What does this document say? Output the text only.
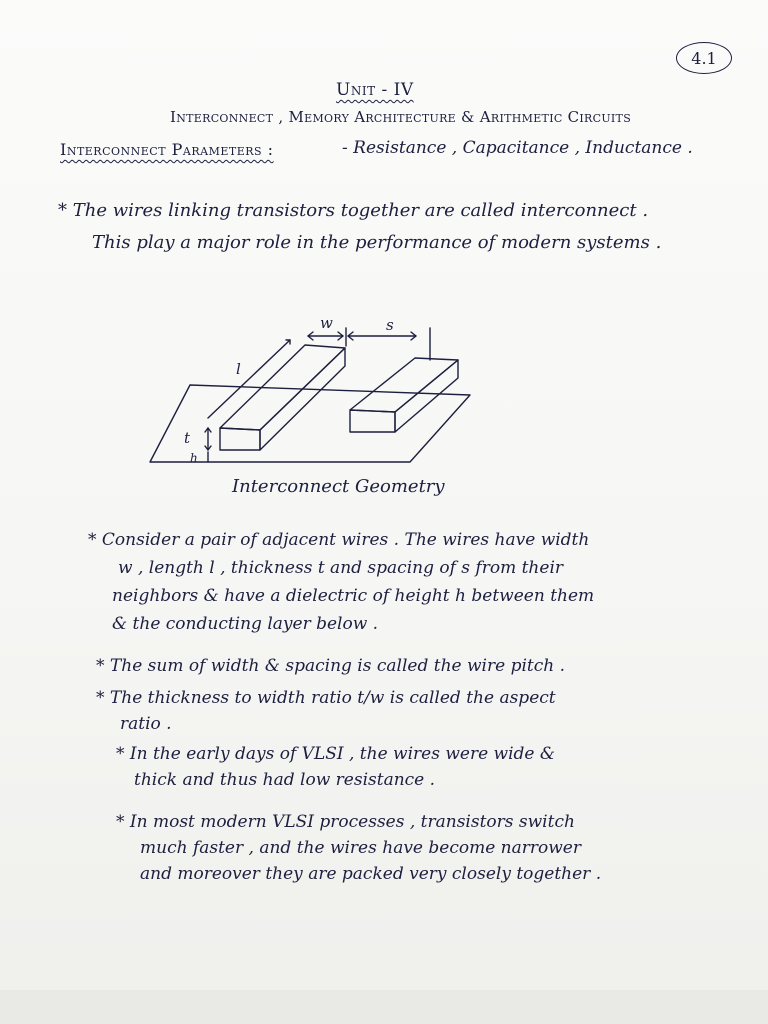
4.1
Unit - IV
Interconnect , Memory Architecture & Arithmetic Circuits
Interconnect Parameters :	- Resistance , Capacitance , Inductance .
* The wires linking transistors together are called interconnect .
This play a major role in the performance of modern systems .
w	s
l
t
h
Interconnect Geometry
* Consider a pair of adjacent wires . The wires have width
w , length l , thickness t and spacing of s from their
neighbors & have a dielectric of height h between them
& the conducting layer below .
* The sum of width & spacing is called the wire pitch .
* The thickness to width ratio t/w is called the aspect
ratio .
* In the early days of VLSI , the wires were wide &
thick and thus had low resistance .
* In most modern VLSI processes , transistors switch
much faster , and the wires have become narrower
and moreover they are packed very closely together .
